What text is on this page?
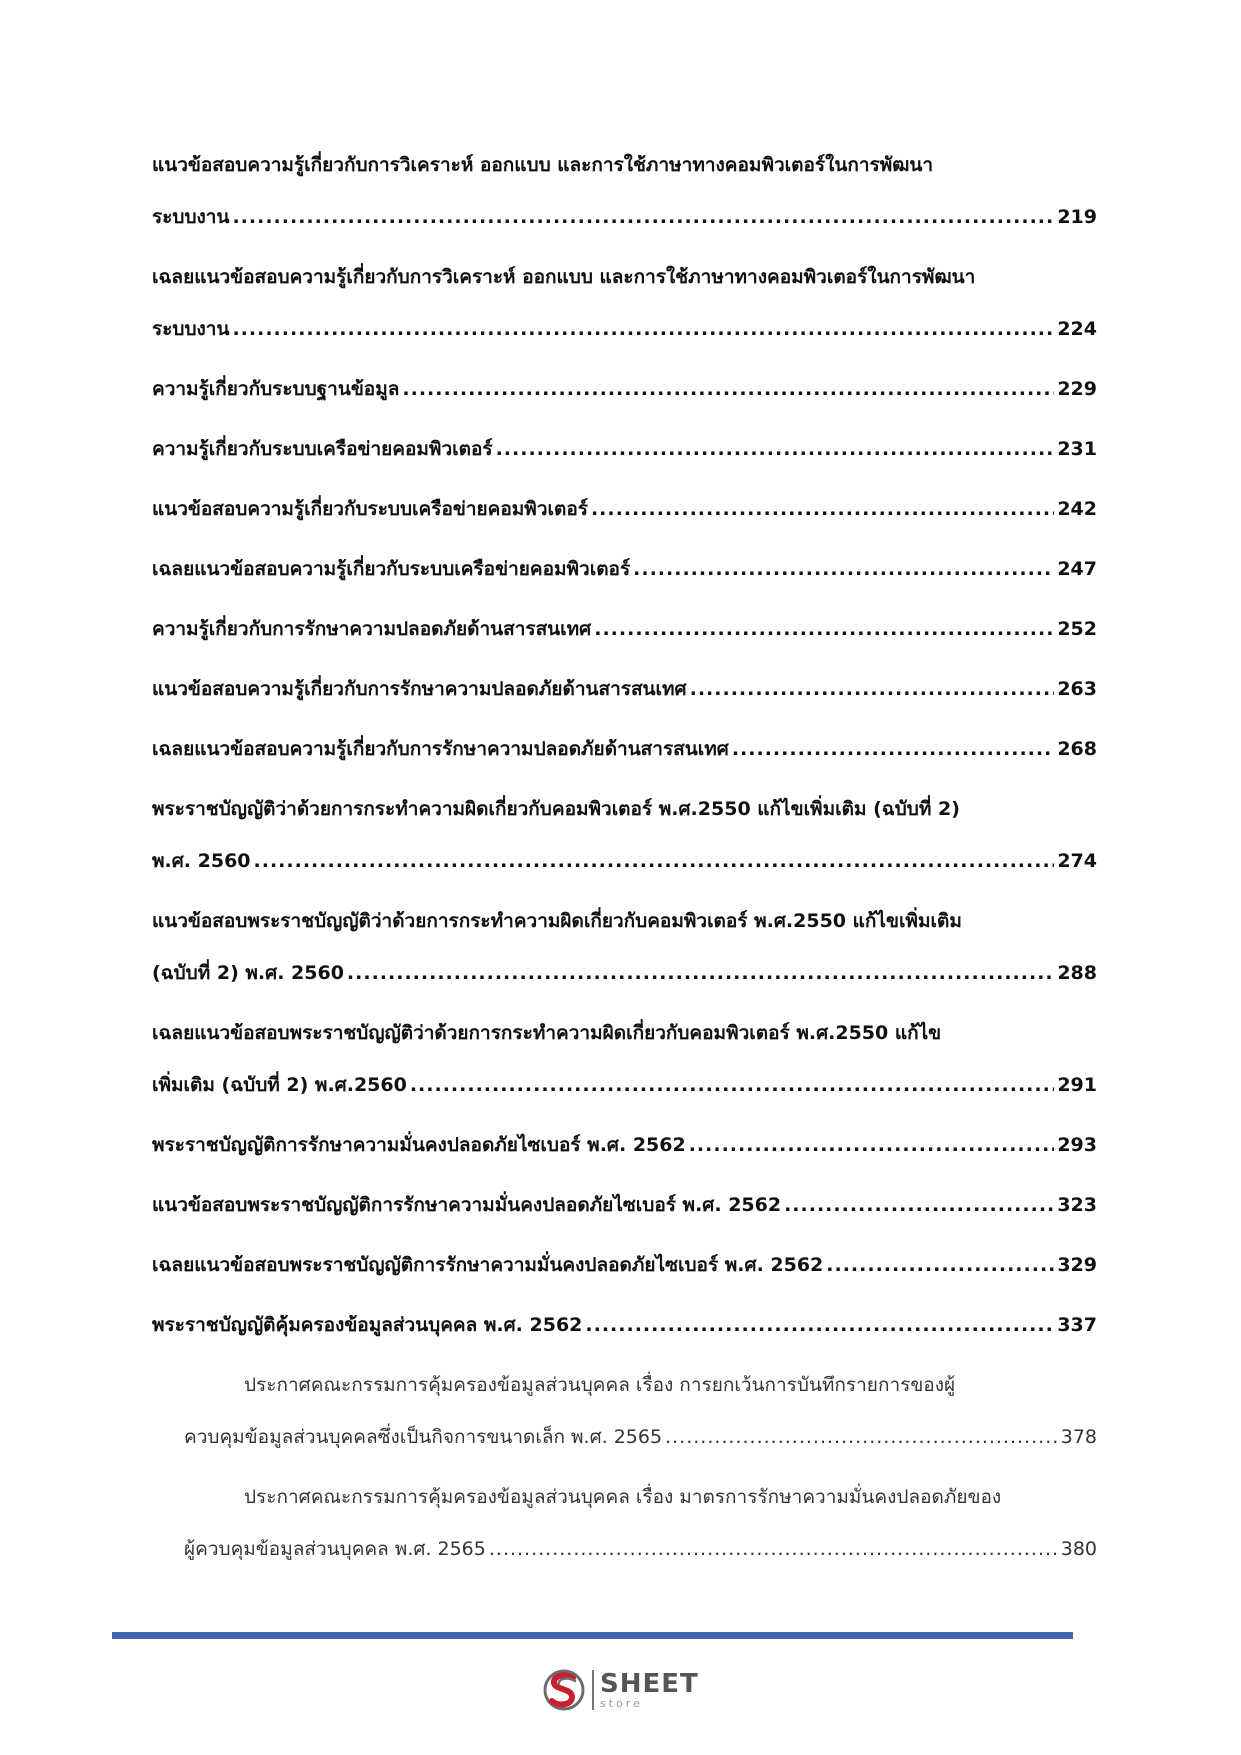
แนวข้อสอบความรู้เกี่ยวกับการวิเคราะห์ ออกแบบ และการใช้ภาษาทางคอมพิวเตอร์ในการพัฒนา
ระบบงาน .....	219
เฉลยแนวข้อสอบความรู้เกี่ยวกับการวิเคราะห์ ออกแบบ และการใช้ภาษาทางคอมพิวเตอร์ในการพัฒนา
ระบบงาน .....	224
ความรู้เกี่ยวกับระบบฐานข้อมูล .....	229
ความรู้เกี่ยวกับระบบเครือข่ายคอมพิวเตอร์ .....	231
แนวข้อสอบความรู้เกี่ยวกับระบบเครือข่ายคอมพิวเตอร์ .....	242
เฉลยแนวข้อสอบความรู้เกี่ยวกับระบบเครือข่ายคอมพิวเตอร์ .....	247
ความรู้เกี่ยวกับการรักษาความปลอดภัยด้านสารสนเทศ .....	252
แนวข้อสอบความรู้เกี่ยวกับการรักษาความปลอดภัยด้านสารสนเทศ .....	263
เฉลยแนวข้อสอบความรู้เกี่ยวกับการรักษาความปลอดภัยด้านสารสนเทศ .....	268
พระราชบัญญัติว่าด้วยการกระทำความผิดเกี่ยวกับคอมพิวเตอร์ พ.ศ.2550 แก้ไขเพิ่มเติม (ฉบับที่ 2)
พ.ศ. 2560 .....	274
แนวข้อสอบพระราชบัญญัติว่าด้วยการกระทำความผิดเกี่ยวกับคอมพิวเตอร์ พ.ศ.2550 แก้ไขเพิ่มเติม
(ฉบับที่ 2) พ.ศ. 2560 .....	288
เฉลยแนวข้อสอบพระราชบัญญัติว่าด้วยการกระทำความผิดเกี่ยวกับคอมพิวเตอร์ พ.ศ.2550 แก้ไข
เพิ่มเติม (ฉบับที่ 2) พ.ศ.2560 .....	291
พระราชบัญญัติการรักษาความมั่นคงปลอดภัยไซเบอร์ พ.ศ. 2562 .....	293
แนวข้อสอบพระราชบัญญัติการรักษาความมั่นคงปลอดภัยไซเบอร์ พ.ศ. 2562 .....	323
เฉลยแนวข้อสอบพระราชบัญญัติการรักษาความมั่นคงปลอดภัยไซเบอร์ พ.ศ. 2562 .....	329
พระราชบัญญัติคุ้มครองข้อมูลส่วนบุคคล พ.ศ. 2562 .....	337
ประกาศคณะกรรมการคุ้มครองข้อมูลส่วนบุคคล เรื่อง การยกเว้นการบันทึกรายการของผู้
ควบคุมข้อมูลส่วนบุคคลซึ่งเป็นกิจการขนาดเล็ก พ.ศ. 2565 .....	378
ประกาศคณะกรรมการคุ้มครองข้อมูลส่วนบุคคล เรื่อง มาตรการรักษาความมั่นคงปลอดภัยของ
ผู้ควบคุมข้อมูลส่วนบุคคล พ.ศ. 2565 .....	380
SHEET
store
